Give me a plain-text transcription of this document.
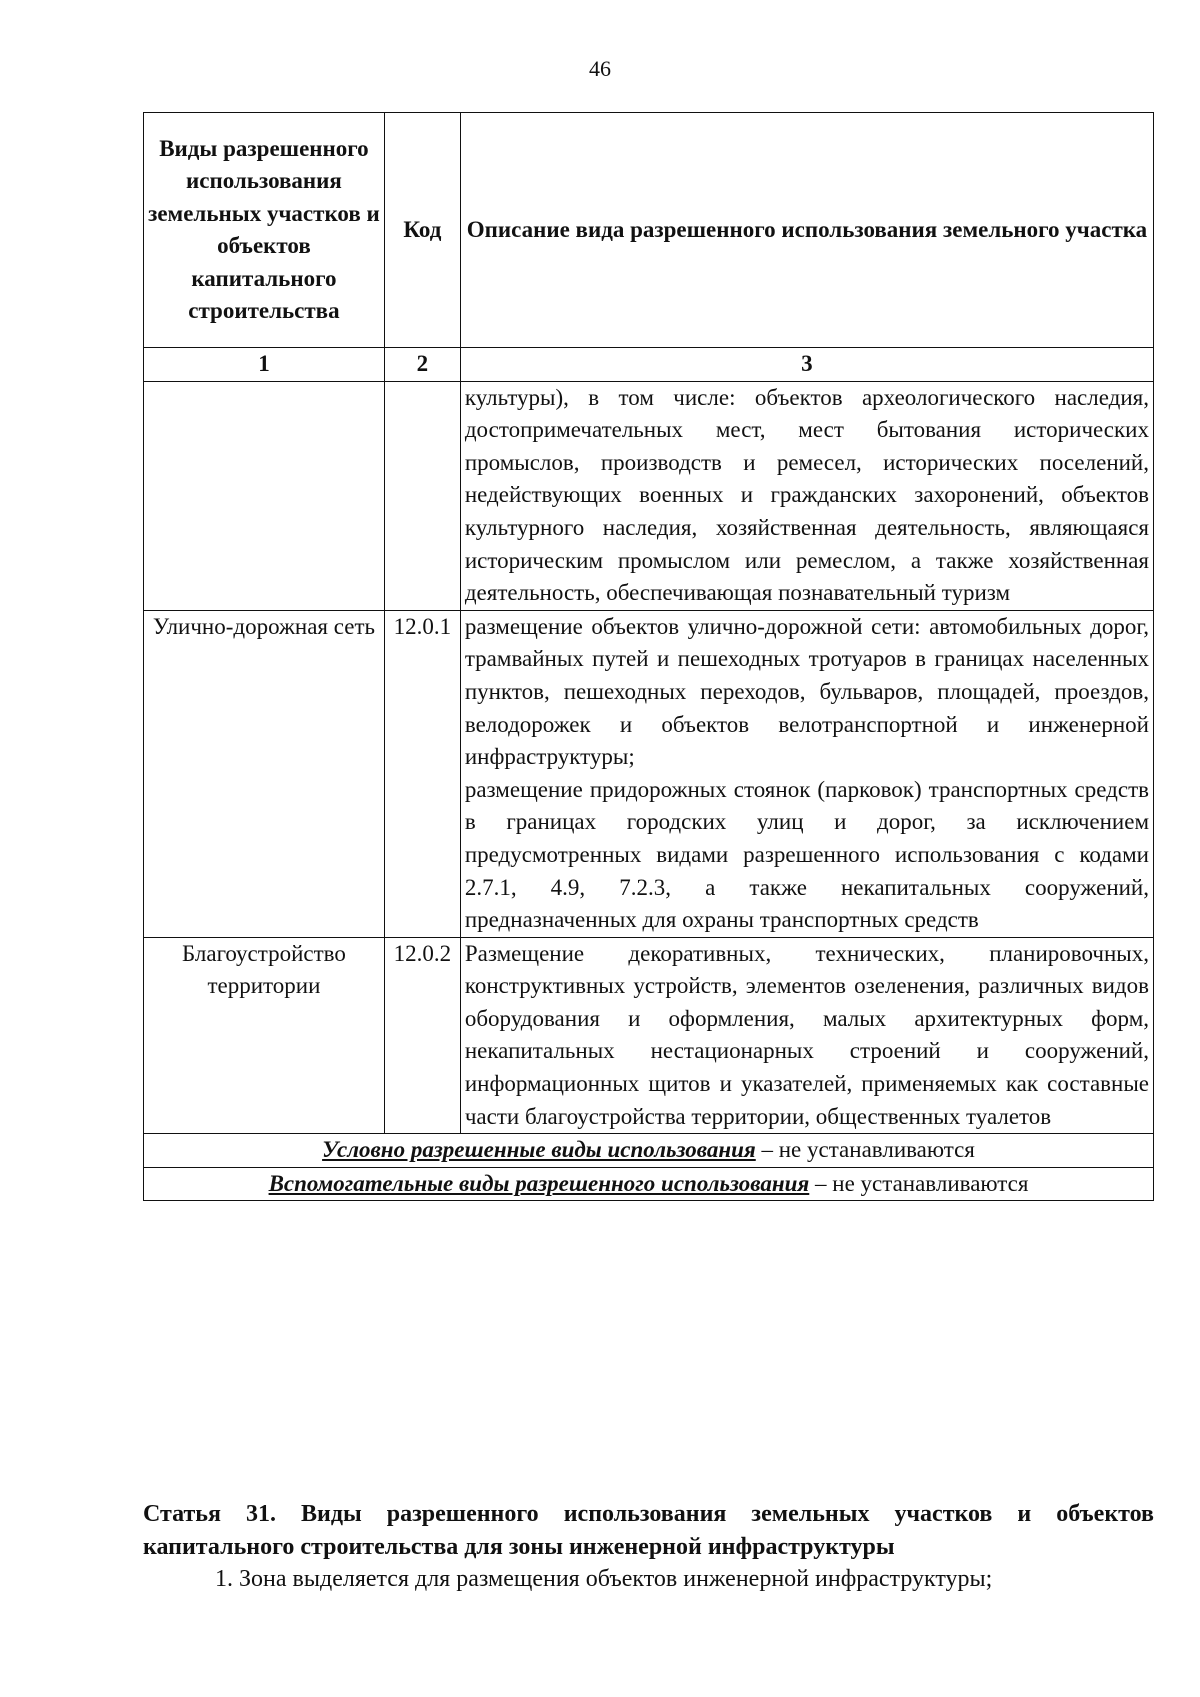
46
Виды разрешенного использования земельных участков и объектов капитального строительства	Код	Описание вида разрешенного использования земельного участка
1	2	3

		культуры), в том числе: объектов археологического наследия, достопримечательных мест, мест бытования исторических промыслов, производств и ремесел, исторических поселений, недействующих военных и гражданских захоронений, объектов культурного наследия, хозяйственная деятельность, являющаяся историческим промыслом или ремеслом, а также хозяйственная деятельность, обеспечивающая познавательный туризм

Улично-дорожная сеть	12.0.1	размещение объектов улично-дорожной сети: автомобильных дорог, трамвайных путей и пешеходных тротуаров в границах населенных пунктов, пешеходных переходов, бульваров, площадей, проездов, велодорожек и объектов велотранспортной и инженерной инфраструктуры;

размещение придорожных стоянок (парковок) транспортных средств в границах городских улиц и дорог, за исключением предусмотренных видами разрешенного использования с кодами 2.7.1, 4.9, 7.2.3, а также некапитальных сооружений, предназначенных для охраны транспортных средств

Благоустройство территории	12.0.2	Размещение декоративных, технических, планировочных, конструктивных устройств, элементов озеленения, различных видов оборудования и оформления, малых архитектурных форм, некапитальных нестационарных строений и сооружений, информационных щитов и указателей, применяемых как составные части благоустройства территории, общественных туалетов

Условно разрешенные виды использования – не устанавливаются		
Вспомогательные виды разрешенного использования – не устанавливаются		
Статья 31. Виды разрешенного использования земельных участков и объектов капитального строительства для зоны инженерной инфраструктуры

1. Зона выделяется для размещения объектов инженерной инфраструктуры;
